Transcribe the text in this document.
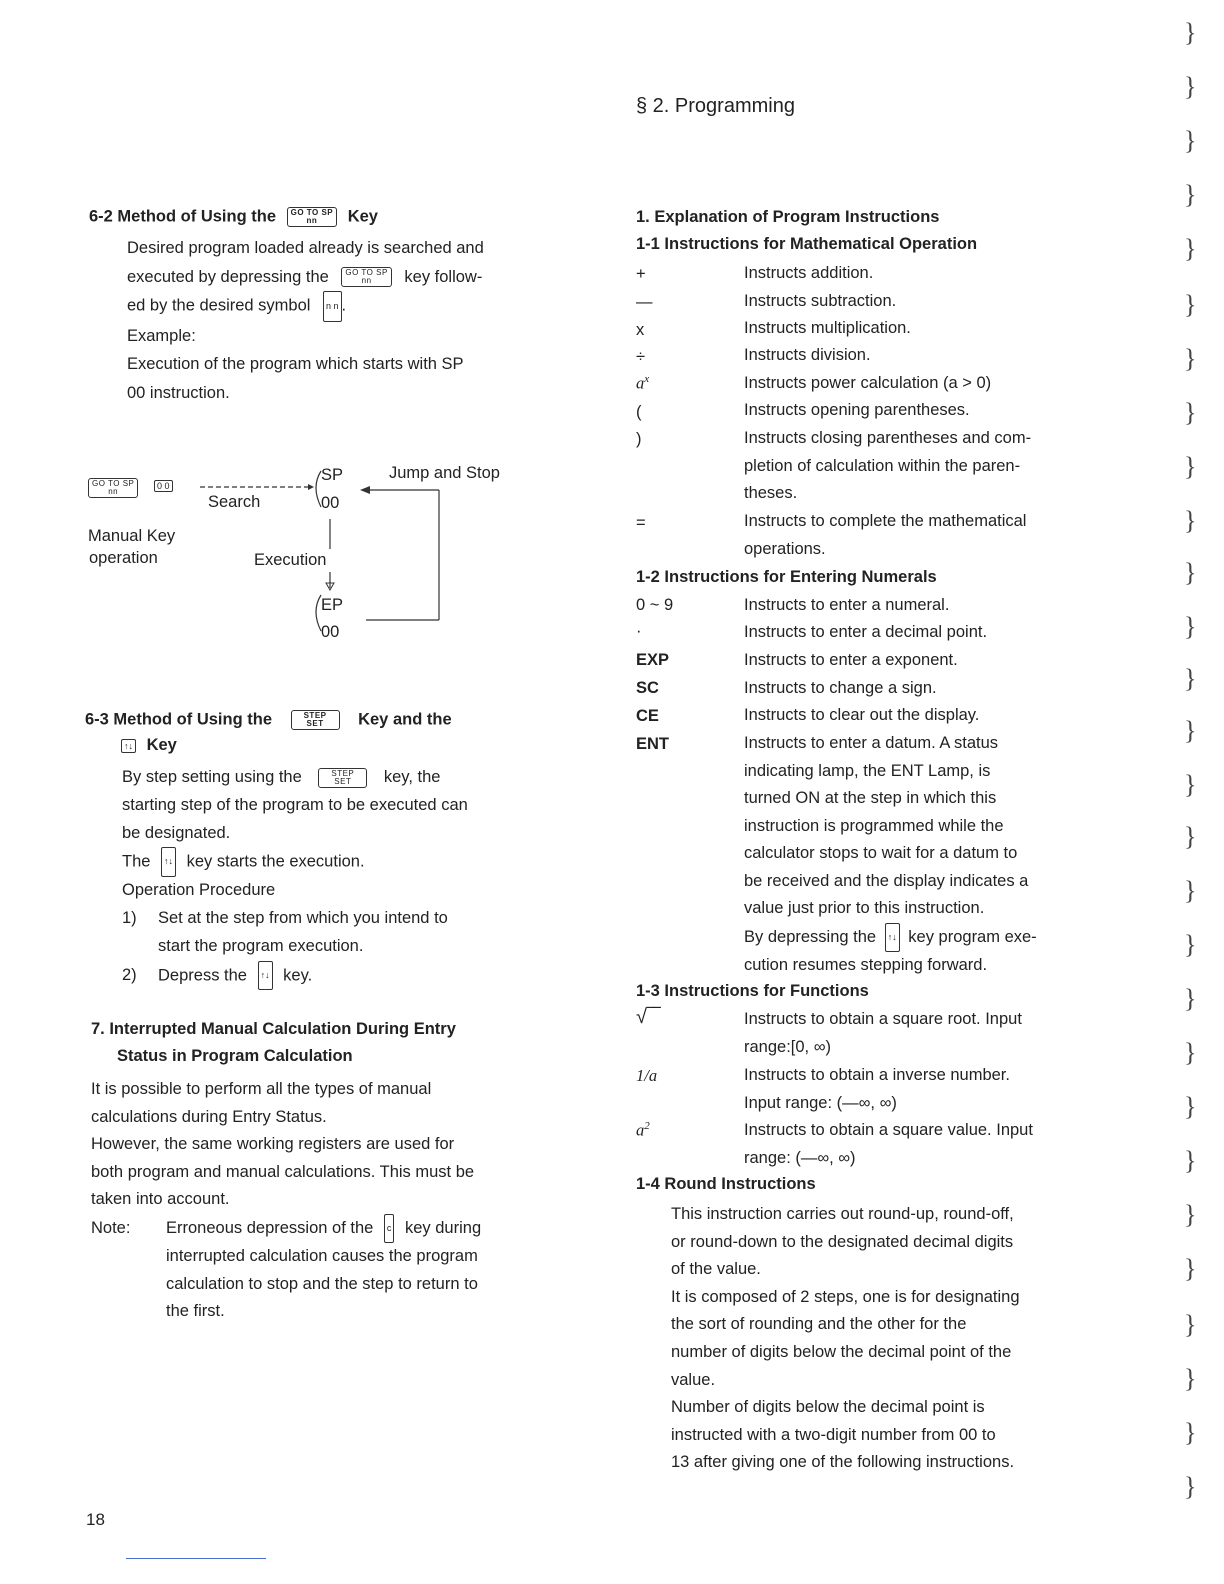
§ 2. Programming
6-2 Method of Using the GO TO SP
nn Key
Desired program loaded already is searched and
executed by depressing the GO TO SP
nn key follow-
ed by the desired symbol n n .
Example:
Execution of the program which starts with SP
00 instruction.
GO TO SP
nn
0 0
Search
SP
00
Jump and Stop
Manual Key
operation	Execution
EP
00
6-3 Method of Using the	STEP
SET Key and the
↑↓ Key
By step setting using the	STEP
SET key, the
starting step of the program to be executed can
be designated.
The ↑↓ key starts the execution.
Operation Procedure
1) Set at the step from which you intend to
start the program execution.
2) Depress the ↑↓ key.
7. Interrupted Manual Calculation During Entry
Status in Program Calculation
It is possible to perform all the types of manual
calculations during Entry Status.
However, the same working registers are used for
both program and manual calculations. This must be
taken into account.
Note: Erroneous depression of the c key during
interrupted calculation causes the program
calculation to stop and the step to return to
the first.
1. Explanation of Program Instructions
1-1 Instructions for Mathematical Operation
+	Instructs addition.
—	Instructs subtraction.
x	Instructs multiplication.
÷	Instructs division.
$a^x$	Instructs power calculation (a > 0)
(	Instructs opening parentheses.
)	Instructs closing parentheses and com-
pletion of calculation within the paren-
theses.
=	Instructs to complete the mathematical
operations.
1-2 Instructions for Entering Numerals
0 ~ 9	Instructs to enter a numeral.
·	Instructs to enter a decimal point.
EXP	Instructs to enter a exponent.
SC	Instructs to change a sign.
CE	Instructs to clear out the display.
ENT	Instructs to enter a datum. A status
indicating lamp, the ENT Lamp, is
turned ON at the step in which this
instruction is programmed while the
calculator stops to wait for a datum to
be received and the display indicates a
value just prior to this instruction.
By depressing the ↑↓ key program exe-
cution resumes stepping forward.
1-3 Instructions for Functions
√‾‾	Instructs to obtain a square root. Input
range:[0, ∞)
1/a	Instructs to obtain a inverse number.
Input range: (—∞, ∞)
$a^2$	Instructs to obtain a square value. Input
range: (—∞, ∞)
1-4 Round Instructions
This instruction carries out round-up, round-off,
or round-down to the designated decimal digits
of the value.
It is composed of 2 steps, one is for designating
the sort of rounding and the other for the
number of digits below the decimal point of the
value.
Number of digits below the decimal point is
instructed with a two-digit number from 00 to
13 after giving one of the following instructions.
18
}
}
}
}
}
}
}
}
}
}
}
}
}
}
}
}
}
}
}
}
}
}
}
}
}
}
}
}
